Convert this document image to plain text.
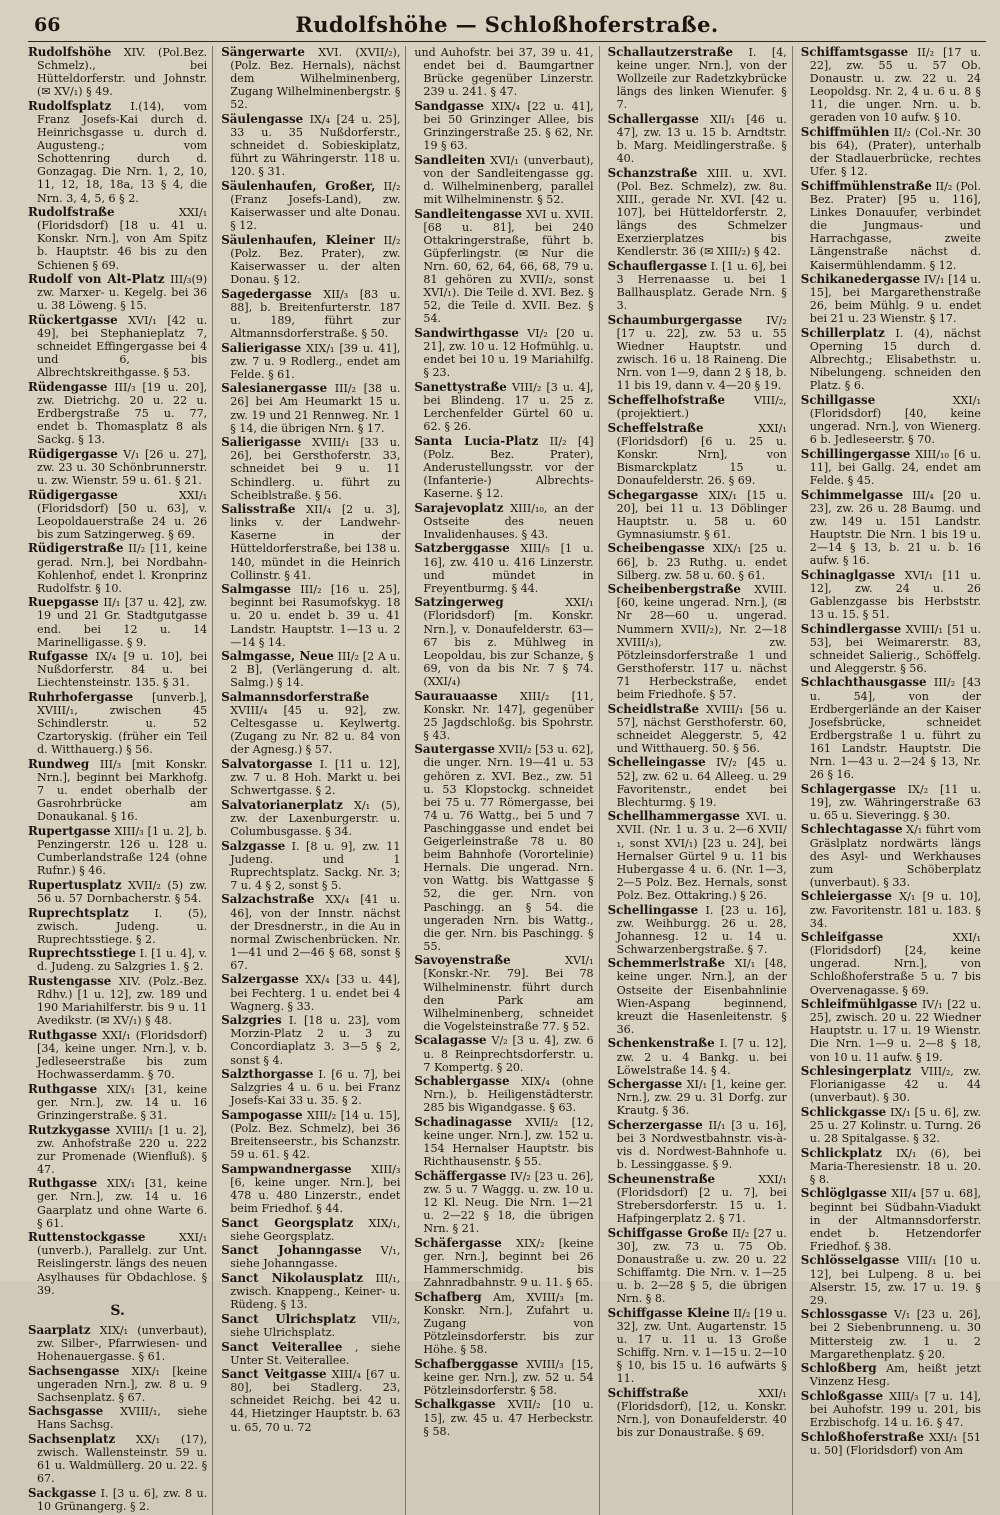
66	Rudolfshöhe — Schloßhoferstraße.

Rudolfshöhe XIV. (Pol.Bez. Schmelz)., bei Hütteldorferstr. und Johnstr. (✉ XV/₁) § 49.

Rudolfsplatz I.(14), vom Franz Josefs-Kai durch d. Heinrichsgasse u. durch d. Augusteng.; vom Schottenring durch d. Gonzagag. Die Nrn. 1, 2, 10, 11, 12, 18, 18a, 13 § 4, die Nrn. 3, 4, 5, 6 § 2.

Rudolfstraße	XXI/₁ (Floridsdorf) [18 u. 41 u. Konskr. Nrn.], von Am Spitz b. Hauptstr. 46 bis zu den Schienen § 69.

Rudolf von Alt-Platz III/₃(9) zw. Marxer- u. Kegelg. bei 36 u. 38 Löweng. § 15.

Rückertgasse XVI/₁ [42 u. 49], bei Stephanieplatz 7, schneidet Effingergasse bei 4 und 6, bis Albrechtskreithgasse. § 53.

Rüdengasse III/₃ [19 u. 20], zw. Dietrichg. 20 u. 22 u. Erdbergstraße 75 u. 77, endet b. Thomasplatz 8 als Sackg. § 13.

Rüdigergasse V/₁ [26 u. 27], zw. 23 u. 30 Schönbrunnerstr. u. zw. Wienstr. 59 u. 61. § 21.

Rüdigergasse	XXI/₁ (Floridsdorf) [50 u. 63], v. Leopoldauerstraße 24 u. 26 bis zum Satzingerweg. § 69.

Rüdigerstraße II/₂ [11, keine gerad. Nrn.], bei Nordbahn-Kohlenhof, endet l. Kronprinz Rudolfstr. § 10.

Ruepgasse II/₁ [37 u. 42], zw. 19 und 21 Gr. Stadtgutgasse end. bei 12 u. 14 Marinelligasse. § 9.

Rufgasse IX/₄ [9 u. 10], bei Nußdorferstr. 84 u. bei Liechtensteinstr. 135. § 31.

Ruhrhofergasse [unverb.], XVIII/₁, zwischen 45 Schindlerstr. u. 52 Czartoryskig. (früher ein Teil d. Witthauerg.) § 56.

Rundweg III/₃ [mit Konskr. Nrn.], beginnt bei Markhofg. 7 u. endet oberhalb der Gasrohrbrücke am Donaukanal. § 16.

Rupertgasse XIII/₃ [1 u. 2], b. Penzingerstr. 126 u. 128 u. Cumberlandstraße 124 (ohne Rufnr.) § 46.

Rupertusplatz XVII/₂ (5) zw. 56 u. 57 Dornbacherstr. § 54.

Ruprechtsplatz I. (5), zwisch. Judeng. u. Ruprechtsstiege. § 2.

Ruprechtsstiege I. [1 u. 4], v. d. Judeng. zu Salzgries 1. § 2.

Rustengasse XIV. (Polz.-Bez. Rdhv.) [1 u. 12], zw. 189 und 190 Mariahilferstr. bis 9 u. 11 Avedikstr. (✉ XV/₁) § 48.

Ruthgasse XXI/₁ (Floridsdorf) [34, keine unger. Nrn.], v. b. Jedleseerstraße bis zum Hochwasserdamm. § 70.

Ruthgasse XIX/₁ [31, keine ger. Nrn.], zw. 14 u. 16 Grinzingerstraße. § 31.

Rutzkygasse XVIII/₁ [1 u. 2], zw. Anhofstraße 220 u. 222 zur Promenade (Wienfluß). § 47.

Ruthgasse XIX/₁ [31, keine ger. Nrn.], zw. 14 u. 16 Gaarplatz und ohne Warte 6. § 61.

Ruttenstockgasse	XXI/₁ (unverb.), Parallelg. zur Unt. Reislingerstr. längs des neuen Asylhauses für Obdachlose. § 39.

S.

Saarplatz XIX/₁ (unverbaut), zw. Silber-, Pfarrwiesen- und Hohenauergasse. § 61.

Sachsengasse XIX/₁ [keine ungeraden Nrn.], zw. 8 u. 9 Sachsenplatz. § 67.

Sachsgasse XVIII/₁, siehe Hans Sachsg.

Sachsenplatz XX/₁ (17), zwisch. Wallensteinstr. 59 u. 61 u. Waldmüllerg. 20 u. 22. § 67.

Sackgasse I. [3 u. 6], zw. 8 u. 10 Grünangerg. § 2.

Sängerwarte XVI. (XVII/₂), (Polz. Bez. Hernals), nächst dem Wilhelminenberg, Zugang Wilhelminenbergstr. § 52.

Säulengasse IX/₄ [24 u. 25], 33 u. 35 Nußdorferstr., schneidet d. Sobieskiplatz, führt zu Währingerstr. 118 u. 120. § 31.

Säulenhaufen, Großer, II/₂ (Franz Josefs-Land), zw. Kaiserwasser und alte Donau. § 12.

Säulenhaufen, Kleiner II/₂ (Polz. Bez. Prater), zw. Kaiserwasser u. der alten Donau. § 12.

Sagedergasse XII/₃ [83 u. 88], b. Breitenfurterstr. 187 u. 189, führt zur Altmannsdorferstraße. § 50.

Salierigasse XIX/₁ [39 u. 41], zw. 7 u. 9 Rodlerg., endet am Felde. § 61.

Salesianergasse III/₂ [38 u. 26] bei Am Heumarkt 15 u. zw. 19 und 21 Rennweg. Nr. 1 § 14, die übrigen Nrn. § 17.

Salierigasse XVIII/₁ [33 u. 26], bei Gersthoferstr. 33, schneidet bei 9 u. 11 Schindlerg. u. führt zu Scheiblstraße. § 56.

Salisstraße XII/₄ [2 u. 3], links v. der Landwehr-Kaserne in der Hütteldorferstraße, bei 138 u. 140, mündet in die Heinrich Collinstr. § 41.

Salmgasse III/₂ [16 u. 25], beginnt bei Rasumofskyg. 18 u. 20 u. endet b. 39 u. 41 Landstr. Hauptstr. 1—13 u. 2—14 § 14.

Salmgasse, Neue III/₂ [2 A u. 2 B], (Verlängerung d. alt. Salmg.) § 14.

Salmannsdorferstraße XVIII/₄ [45 u. 92], zw. Celtesgasse u. Keylwertg. (Zugang zu Nr. 82 u. 84 von der Agnesg.) § 57.

Salvatorgasse I. [11 u. 12], zw. 7 u. 8 Hoh. Markt u. bei Schwertgasse. § 2.

Salvatorianerplatz X/₁ (5), zw. der Laxenburgerstr. u. Columbusgasse. § 34.

Salzgasse I. [8 u. 9], zw. 11 Judeng. und 1 Ruprechtsplatz. Sackg. Nr. 3; 7 u. 4 § 2, sonst § 5.

Salzachstraße XX/₄ [41 u. 46], von der Innstr. nächst der Dresdnerstr., in die Au in normal Zwischenbrücken. Nr. 1—41 und 2—46 § 68, sonst § 67.

Salzergasse XX/₄ [33 u. 44], bei Fechterg. 1 u. endet bei 4 Wagnerg. § 33.

Salzgries I. [18 u. 23], vom Morzin-Platz 2 u. 3 zu Concordiaplatz 3. 3—5 § 2, sonst § 4.

Salzthorgasse I. [6 u. 7], bei Salzgries 4 u. 6 u. bei Franz Josefs-Kai 33 u. 35. § 2.

Sampogasse XIII/₂ [14 u. 15], (Polz. Bez. Schmelz), bei 36 Breitenseerstr., bis Schanzstr. 59 u. 61. § 42.

Sampwandnergasse XIII/₃ [6, keine unger. Nrn.], bei 478 u. 480 Linzerstr., endet beim Friedhof. § 44.

Sanct Georgsplatz XIX/₁, siehe Georgsplatz.

Sanct Johanngasse V/₁, siehe Johanngasse.

Sanct Nikolausplatz III/₁, zwisch. Knappeng., Keiner- u. Rüdeng. § 13.

Sanct Ulrichsplatz VII/₂, siehe Ulrichsplatz.

Sanct Veiterallee , siehe Unter St. Veiterallee.

Sanct Veitgasse XIII/₄ [67 u. 80], bei Stadlerg. 23, schneidet Reichg. bei 42 u. 44, Hietzinger Hauptstr. b. 63 u. 65, 70 u. 72

und Auhofstr. bei 37, 39 u. 41, endet bei d. Baumgartner Brücke gegenüber Linzerstr. 239 u. 241. § 47.

Sandgasse XIX/₄ [22 u. 41], bei 50 Grinzinger Allee, bis Grinzingerstraße 25. § 62, Nr. 19 § 63.

Sandleiten XVI/₁ (unverbaut), von der Sandleitengasse gg. d. Wilhelminenberg, parallel mit Wilhelminenstr. § 52.

Sandleitengasse XVI u. XVII. [68 u. 81], bei 240 Ottakringerstraße, führt b. Güpferlingstr. (✉ Nur die Nrn. 60, 62, 64, 66, 68, 79 u. 81 gehören zu XVII/₂, sonst XVI/₁). Die Teile d. XVI. Bez. § 52, die Teile d. XVII. Bez. § 54.

Sandwirthgasse VI/₂ [20 u. 21], zw. 10 u. 12 Hofmühlg. u. endet bei 10 u. 19 Mariahilfg. § 23.

Sanettystraße VIII/₂ [3 u. 4], bei Blindeng. 17 u. 25 z. Lerchenfelder Gürtel 60 u. 62. § 26.

Santa Lucia-Platz II/₂ [4] (Polz. Bez. Prater), Anderustellungsstr. vor der (Infanterie-) Albrechts-Kaserne. § 12.

Sarajevoplatz XIII/₁₀, an der Ostseite des neuen Invalidenhauses. § 43.

Satzberggasse XIII/₅ [1 u. 16], zw. 410 u. 416 Linzerstr. und mündet in Freyentburmg. § 44.

Satzingerweg	XXI/₁ (Floridsdorf) [m. Konskr. Nrn.], v. Donaufelderstr. 63—67 bis z. Mühlweg in Leopoldau, bis zur Schanze, § 69, von da bis Nr. 7 § 74. (XXI/₄)

Saurauaasse XIII/₂ [11, Konskr. Nr. 147], gegenüber 25 Jagdschloßg. bis Spohrstr. § 43.

Sautergasse XVII/₂ [53 u. 62], die unger. Nrn. 19—41 u. 53 gehören z. XVI. Bez., zw. 51 u. 53 Klopstockg. schneidet bei 75 u. 77 Römergasse, bei 74 u. 76 Wattg., bei 5 und 7 Paschinggasse und endet bei Geigerleinstraße 78 u. 80 beim Bahnhofe (Vorortelinie) Hernals. Die ungerad. Nrn. von Wattg. bis Wattgasse § 52, die ger. Nrn. von Paschingg. an § 54. die ungeraden Nrn. bis Wattg., die ger. Nrn. bis Paschingg. § 55.

Savoyenstraße	XVI/₁ [Konskr.-Nr. 79]. Bei 78 Wilhelminenstr. führt durch den Park am Wilhelminenberg, schneidet die Vogelsteinstraße 77. § 52.

Scalagasse V/₂ [3 u. 4], zw. 6 u. 8 Reinprechtsdorferstr. u. 7 Kompertg. § 20.

Schablergasse XIX/₄ (ohne Nrn.), b. Heiligenstädterstr. 285 bis Wigandgasse. § 63.

Schadinagasse XVII/₂ [12, keine unger. Nrn.], zw. 152 u. 154 Hernalser Hauptstr. bis Richthausenstr. § 55.

Schäffergasse IV/₂ [23 u. 26], zw. 5 u. 7 Waggg. u. zw. 10 u. 12 Kl. Neug. Die Nrn. 1—21 u. 2—22 § 18, die übrigen Nrn. § 21.

Schäfergasse XIX/₂ [keine ger. Nrn.], beginnt bei 26 Hammerschmidg. bis Zahnradbahnstr. 9 u. 11. § 65.

Schafberg Am, XVIII/₃ [m. Konskr. Nrn.], Zufahrt u. Zugang von Pötzleinsdorferstr. bis zur Höhe. § 58.

Schafberggasse XVIII/₃ [15, keine ger. Nrn.], zw. 52 u. 54 Pötzleinsdorferstr. § 58.

Schalkgasse XVII/₂ [10 u. 15], zw. 45 u. 47 Herbeckstr. § 58.

Schallautzerstraße I. [4, keine unger. Nrn.], von der Wollzeile zur Radetzkybrücke längs des linken Wienufer. § 7.

Schallergasse XII/₁ [46 u. 47], zw. 13 u. 15 b. Arndtstr. b. Marg. Meidlingerstraße. § 40.

Schanzstraße XIII. u. XVI. (Pol. Bez. Schmelz), zw. 8u. XIII., gerade Nr. XVI. [42 u. 107], bei Hütteldorferstr. 2, längs des Schmelzer Exerzierplatzes bis Kendlerstr. 36 (✉ XIII/₂) § 42.

Schauflergasse I. [1 u. 6], bei 3 Herrenaasse u. bei 1 Ballhausplatz. Gerade Nrn. § 3.

Schaumburgergasse IV/₂ [17 u. 22], zw. 53 u. 55 Wiedner Hauptstr. und zwisch. 16 u. 18 Raineng. Die Nrn. von 1—9, dann 2 § 18, b. 11 bis 19, dann v. 4—20 § 19.

Scheffelhofstraße	VIII/₂, (projektiert.)

Scheffelstraße	XXI/₁ (Floridsdorf) [6 u. 25 u. Konskr. Nrn], von Bismarckplatz 15 u. Donaufelderstr. 26. § 69.

Schegargasse XIX/₁ [15 u. 20], bei 11 u. 13 Döblinger Hauptstr. u. 58 u. 60 Gymnasiumstr. § 61.

Scheibengasse XIX/₁ [25 u. 66], b. 23 Ruthg. u. endet Silberg. zw. 58 u. 60. § 61.

Scheibenbergstraße XVIII. [60, keine ungerad. Nrn.], (✉ Nr 28—60 u. ungerad. Nummern XVII/₂), Nr. 2—18 XVIII/₃), zw. Pötzleinsdorferstraße 1 und Gersthoferstr. 117 u. nächst 71 Herbeckstraße, endet beim Friedhofe. § 57.

Scheidlstraße XVIII/₁ [56 u. 57], nächst Gersthoferstr. 60, schneidet Aleggerstr. 5, 42 und Witthauerg. 50. § 56.

Schelleingasse IV/₂ [45 u. 52], zw. 62 u. 64 Alleeg. u. 29 Favoritenstr., endet bei Blechturmg. § 19.

Schellhammergasse XVI. u. XVII. (Nr. 1 u. 3 u. 2—6 XVII/₁, sonst XVI/₁) [23 u. 24], bei Hernalser Gürtel 9 u. 11 bis Hubergasse 4 u. 6. (Nr. 1—3, 2—5 Polz. Bez. Hernals, sonst Polz. Bez. Ottakring.) § 26.

Schellingasse I. [23 u. 16], zw. Weihburgg. 26 u. 28, Johannesg. 12 u. 14 u. Schwarzenbergstraße. § 7.

Schemmerlstraße XI/₁ [48, keine unger. Nrn.], an der Ostseite der Eisenbahnlinie Wien-Aspang beginnend, kreuzt die Hasenleitenstr. § 36.

Schenkenstraße I. [7 u. 12], zw. 2 u. 4 Bankg. u. bei Löwelstraße 14. § 4.

Schergasse XI/₁ [1, keine ger. Nrn.], zw. 29 u. 31 Dorfg. zur Krautg. § 36.

Scherzergasse II/₁ [3 u. 16], bei 3 Nordwestbahnstr. vis-à-vis d. Nordwest-Bahnhofe u. b. Lessinggasse. § 9.

Scheunenstraße	XXI/₁ (Floridsdorf) [2 u. 7], bei Strebersdorferstr. 15 u. 1. Hafpingerplatz 2. § 71.

Schiffgasse Große II/₂ [27 u. 30], zw. 73 u. 75 Ob. Donaustraße u. zw. 20 u. 22 Schiffamtg. Die Nrn. v. 1—25 u. b. 2—28 § 5, die übrigen Nrn. § 8.

Schiffgasse Kleine II/₂ [19 u. 32], zw. Unt. Augartenstr. 15 u. 17 u. 11 u. 13 Große Schiffg. Nrn. v. 1—15 u. 2—10 § 10, bis 15 u. 16 aufwärts § 11.

Schiffstraße	XXI/₁ (Floridsdorf), [12, u. Konskr. Nrn.], von Donaufelderstr. 40 bis zur Donaustraße. § 69.

Schiffamtsgasse II/₂ [17 u. 22], zw. 55 u. 57 Ob. Donaustr. u. zw. 22 u. 24 Leopoldsg. Nr. 2, 4 u. 6 u. 8 § 11, die unger. Nrn. u. b. geraden von 10 aufw. § 10.

Schiffmühlen II/₂ (Col.-Nr. 30 bis 64), (Prater), unterhalb der Stadlauerbrücke, rechtes Ufer. § 12.

Schiffmühlenstraße II/₂ (Pol. Bez. Prater) [95 u. 116], Linkes Donauufer, verbindet die Jungmaus- und Harrachgasse, zweite Längenstraße nächst d. Kaisermühlendamm. § 12.

Schikanedergasse IV/₁ [14 u. 15], bei Margarethenstraße 26, beim Mühlg. 9 u. endet bei 21 u. 23 Wienstr. § 17.

Schillerplatz I. (4), nächst Operning 15 durch d. Albrechtg.; Elisabethstr. u. Nibelungeng. schneiden den Platz. § 6.

Schillgasse	XXI/₁ (Floridsdorf) [40, keine ungerad. Nrn.], von Wienerg. 6 b. Jedleseerstr. § 70.

Schillingergasse XIII/₁₀ [6 u. 11], bei Gallg. 24, endet am Felde. § 45.

Schimmelgasse III/₄ [20 u. 23], zw. 26 u. 28 Baumg. und zw. 149 u. 151 Landstr. Hauptstr. Die Nrn. 1 bis 19 u. 2—14 § 13, b. 21 u. b. 16 aufw. § 16.

Schinaglgasse XVI/₁ [11 u. 12], zw. 24 u. 26 Gablenzgasse bis Herbststr. 13 u. 15. § 51.

Schindlergasse XVIII/₁ [51 u. 53], bei Weimarerstr. 83, schneidet Salierig., Schöffelg. und Aleggerstr. § 56.

Schlachthausgasse III/₂ [43 u. 54], von der Erdbergerlände an der Kaiser Josefsbrücke, schneidet Erdbergstraße 1 u. führt zu 161 Landstr. Hauptstr. Die Nrn. 1—43 u. 2—24 § 13, Nr. 26 § 16.

Schlagergasse IX/₂ [11 u. 19], zw. Währingerstraße 63 u. 65 u. Sieveringg. § 30.

Schlechtagasse X/₁ führt vom Gräslplatz nordwärts längs des Asyl- und Werkhauses zum Schöberplatz (unverbaut). § 33.

Schleiergasse X/₁ [9 u. 10], zw. Favoritenstr. 181 u. 183. § 34.

Schleifgasse	XXI/₁ (Floridsdorf) [24, keine ungerad. Nrn.], von Schloßhoferstraße 5 u. 7 bis Overvenagasse. § 69.

Schleifmühlgasse IV/₁ [22 u. 25], zwisch. 20 u. 22 Wiedner Hauptstr. u. 17 u. 19 Wienstr. Die Nrn. 1—9 u. 2—8 § 18, von 10 u. 11 aufw. § 19.

Schlesingerplatz VIII/₂, zw. Florianigasse 42 u. 44 (unverbaut). § 30.

Schlickgasse IX/₁ [5 u. 6], zw. 25 u. 27 Kolinstr. u. Turng. 26 u. 28 Spitalgasse. § 32.

Schlickplatz IX/₁ (6), bei Maria-Theresienstr. 18 u. 20. § 8.

Schlöglgasse XII/₄ [57 u. 68], beginnt bei Südbahn-Viadukt in der Altmannsdorferstr. endet b. Hetzendorfer Friedhof. § 38.

Schlösselgasse VIII/₁ [10 u. 12], bei Lulpeng. 8 u. bei Alserstr. 15, zw. 17 u. 19. § 29.

Schlossgasse V/₁ [23 u. 26], bei 2 Siebenbrunneng. u. 30 Mittersteig zw. 1 u. 2 Margarethenplatz. § 20.

Schloßberg Am, heißt jetzt Vinzenz Hesg.

Schloßgasse XIII/₃ [7 u. 14], bei Auhofstr. 199 u. 201, bis Erzbischofg. 14 u. 16. § 47.

Schloßhoferstraße XXI/₁ [51 u. 50] (Floridsdorf) von Am
